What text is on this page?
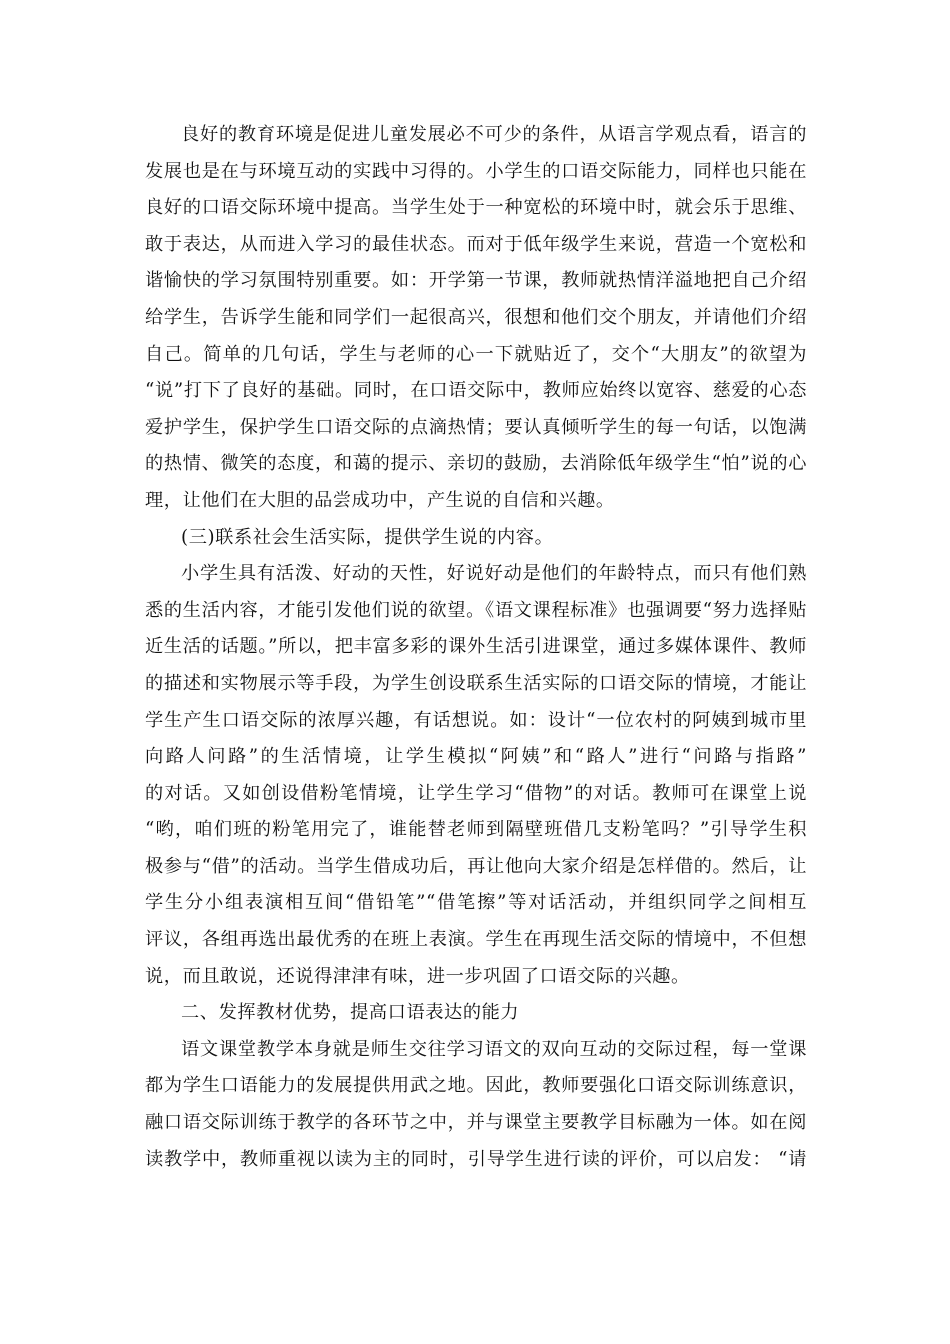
良好的教育环境是促进儿童发展必不可少的条件，从语言学观点看，语言的
发展也是在与环境互动的实践中习得的。小学生的口语交际能力，同样也只能在
良好的口语交际环境中提高。当学生处于一种宽松的环境中时，就会乐于思维、
敢于表达，从而进入学习的最佳状态。而对于低年级学生来说，营造一个宽松和
谐愉快的学习氛围特别重要。如：开学第一节课，教师就热情洋溢地把自己介绍
给学生，告诉学生能和同学们一起很高兴，很想和他们交个朋友，并请他们介绍
自己。简单的几句话，学生与老师的心一下就贴近了，交个“大朋友”的欲望为
“说”打下了良好的基础。同时，在口语交际中，教师应始终以宽容、慈爱的心态
爱护学生，保护学生口语交际的点滴热情；要认真倾听学生的每一句话，以饱满
的热情、微笑的态度，和蔼的提示、亲切的鼓励，去消除低年级学生“怕”说的心
理，让他们在大胆的品尝成功中，产生说的自信和兴趣。
(三)联系社会生活实际，提供学生说的内容。
小学生具有活泼、好动的天性，好说好动是他们的年龄特点，而只有他们熟
悉的生活内容，才能引发他们说的欲望。《语文课程标准》也强调要“努力选择贴
近生活的话题。”所以，把丰富多彩的课外生活引进课堂，通过多媒体课件、教师
的描述和实物展示等手段，为学生创设联系生活实际的口语交际的情境，才能让
学生产生口语交际的浓厚兴趣，有话想说。如：设计“一位农村的阿姨到城市里
向路人问路”的生活情境，让学生模拟“阿姨”和“路人”进行“问路与指路”
的对话。又如创设借粉笔情境，让学生学习“借物”的对话。教师可在课堂上说
“哟，咱们班的粉笔用完了，谁能替老师到隔壁班借几支粉笔吗？”引导学生积
极参与“借”的活动。当学生借成功后，再让他向大家介绍是怎样借的。然后，让
学生分小组表演相互间“借铅笔”“借笔擦”等对话活动，并组织同学之间相互
评议，各组再选出最优秀的在班上表演。学生在再现生活交际的情境中，不但想
说，而且敢说，还说得津津有味，进一步巩固了口语交际的兴趣。
二、发挥教材优势，提高口语表达的能力
语文课堂教学本身就是师生交往学习语文的双向互动的交际过程，每一堂课
都为学生口语能力的发展提供用武之地。因此，教师要强化口语交际训练意识，
融口语交际训练于教学的各环节之中，并与课堂主要教学目标融为一体。如在阅
读教学中，教师重视以读为主的同时，引导学生进行读的评价，可以启发： “请
